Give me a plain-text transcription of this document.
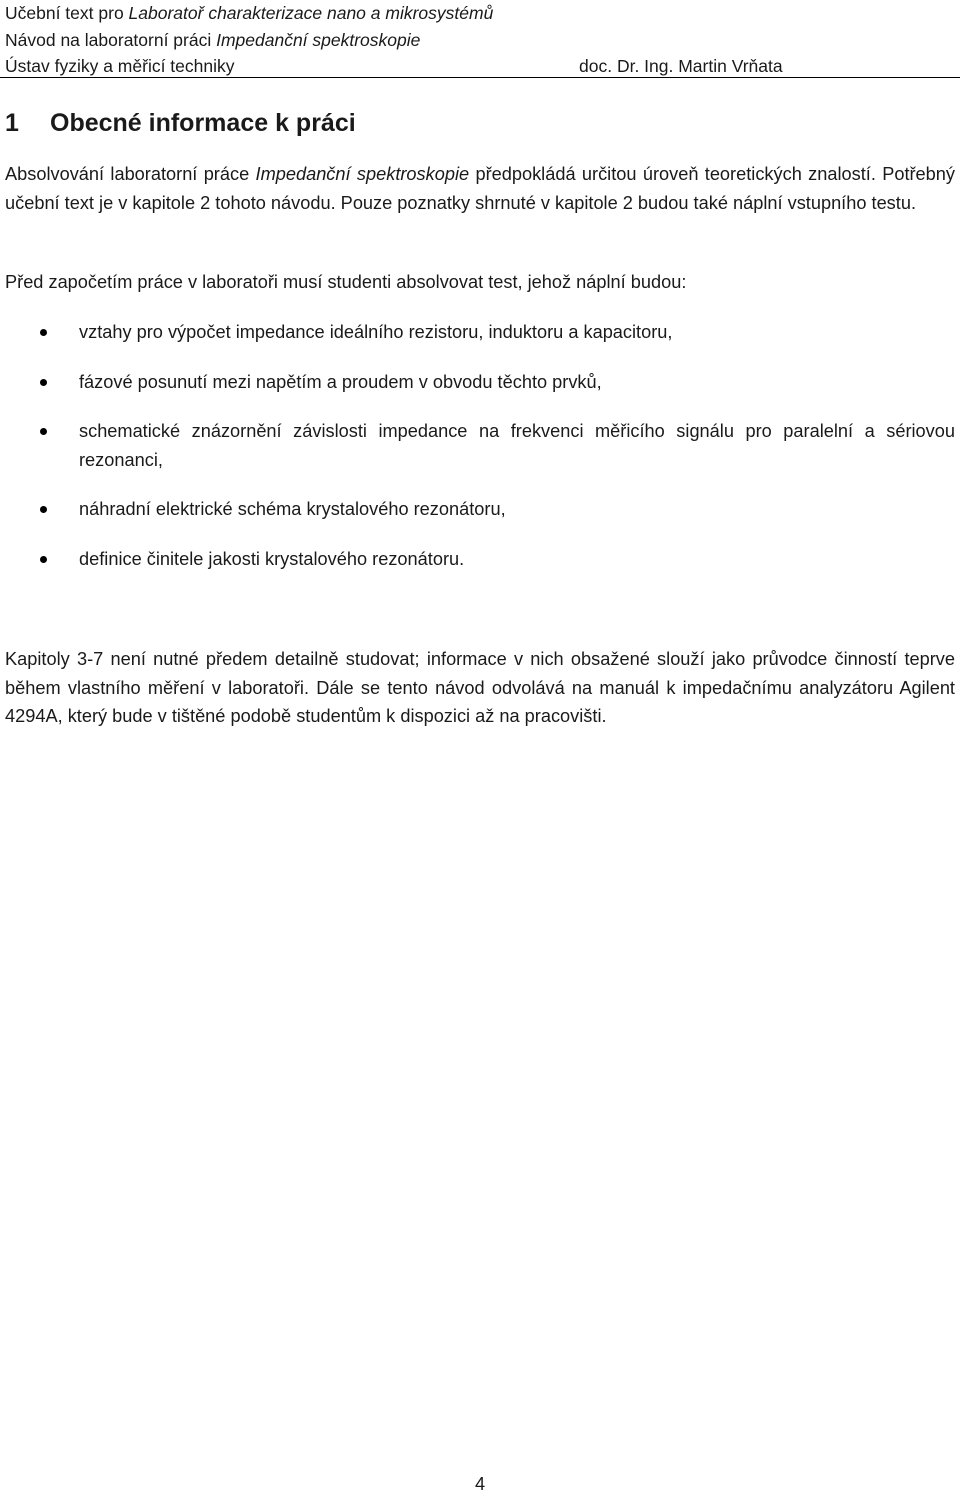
Učební text pro Laboratoř charakterizace nano a mikrosystémů
Návod na laboratorní práci Impedanční spektroskopie
Ústav fyziky a měřicí techniky	doc. Dr. Ing. Martin Vrňata
1 Obecné informace k práci

Absolvování laboratorní práce Impedanční spektroskopie předpokládá určitou úroveň teoretických znalostí. Potřebný učební text je v kapitole 2 tohoto návodu. Pouze poznatky shrnuté v kapitole 2 budou také náplní vstupního testu.

Před započetím práce v laboratoři musí studenti absolvovat test, jehož náplní budou:

vztahy pro výpočet impedance ideálního rezistoru, induktoru a kapacitoru,
fázové posunutí mezi napětím a proudem v obvodu těchto prvků,
schematické znázornění závislosti impedance na frekvenci měřicího signálu pro paralelní a sériovou rezonanci,
náhradní elektrické schéma krystalového rezonátoru,
definice činitele jakosti krystalového rezonátoru.

Kapitoly 3-7 není nutné předem detailně studovat; informace v nich obsažené slouží jako průvodce činností teprve během vlastního měření v laboratoři. Dále se tento návod odvolává na manuál k impedačnímu analyzátoru Agilent 4294A, který bude v tištěné podobě studentům k dispozici až na pracovišti.

4
